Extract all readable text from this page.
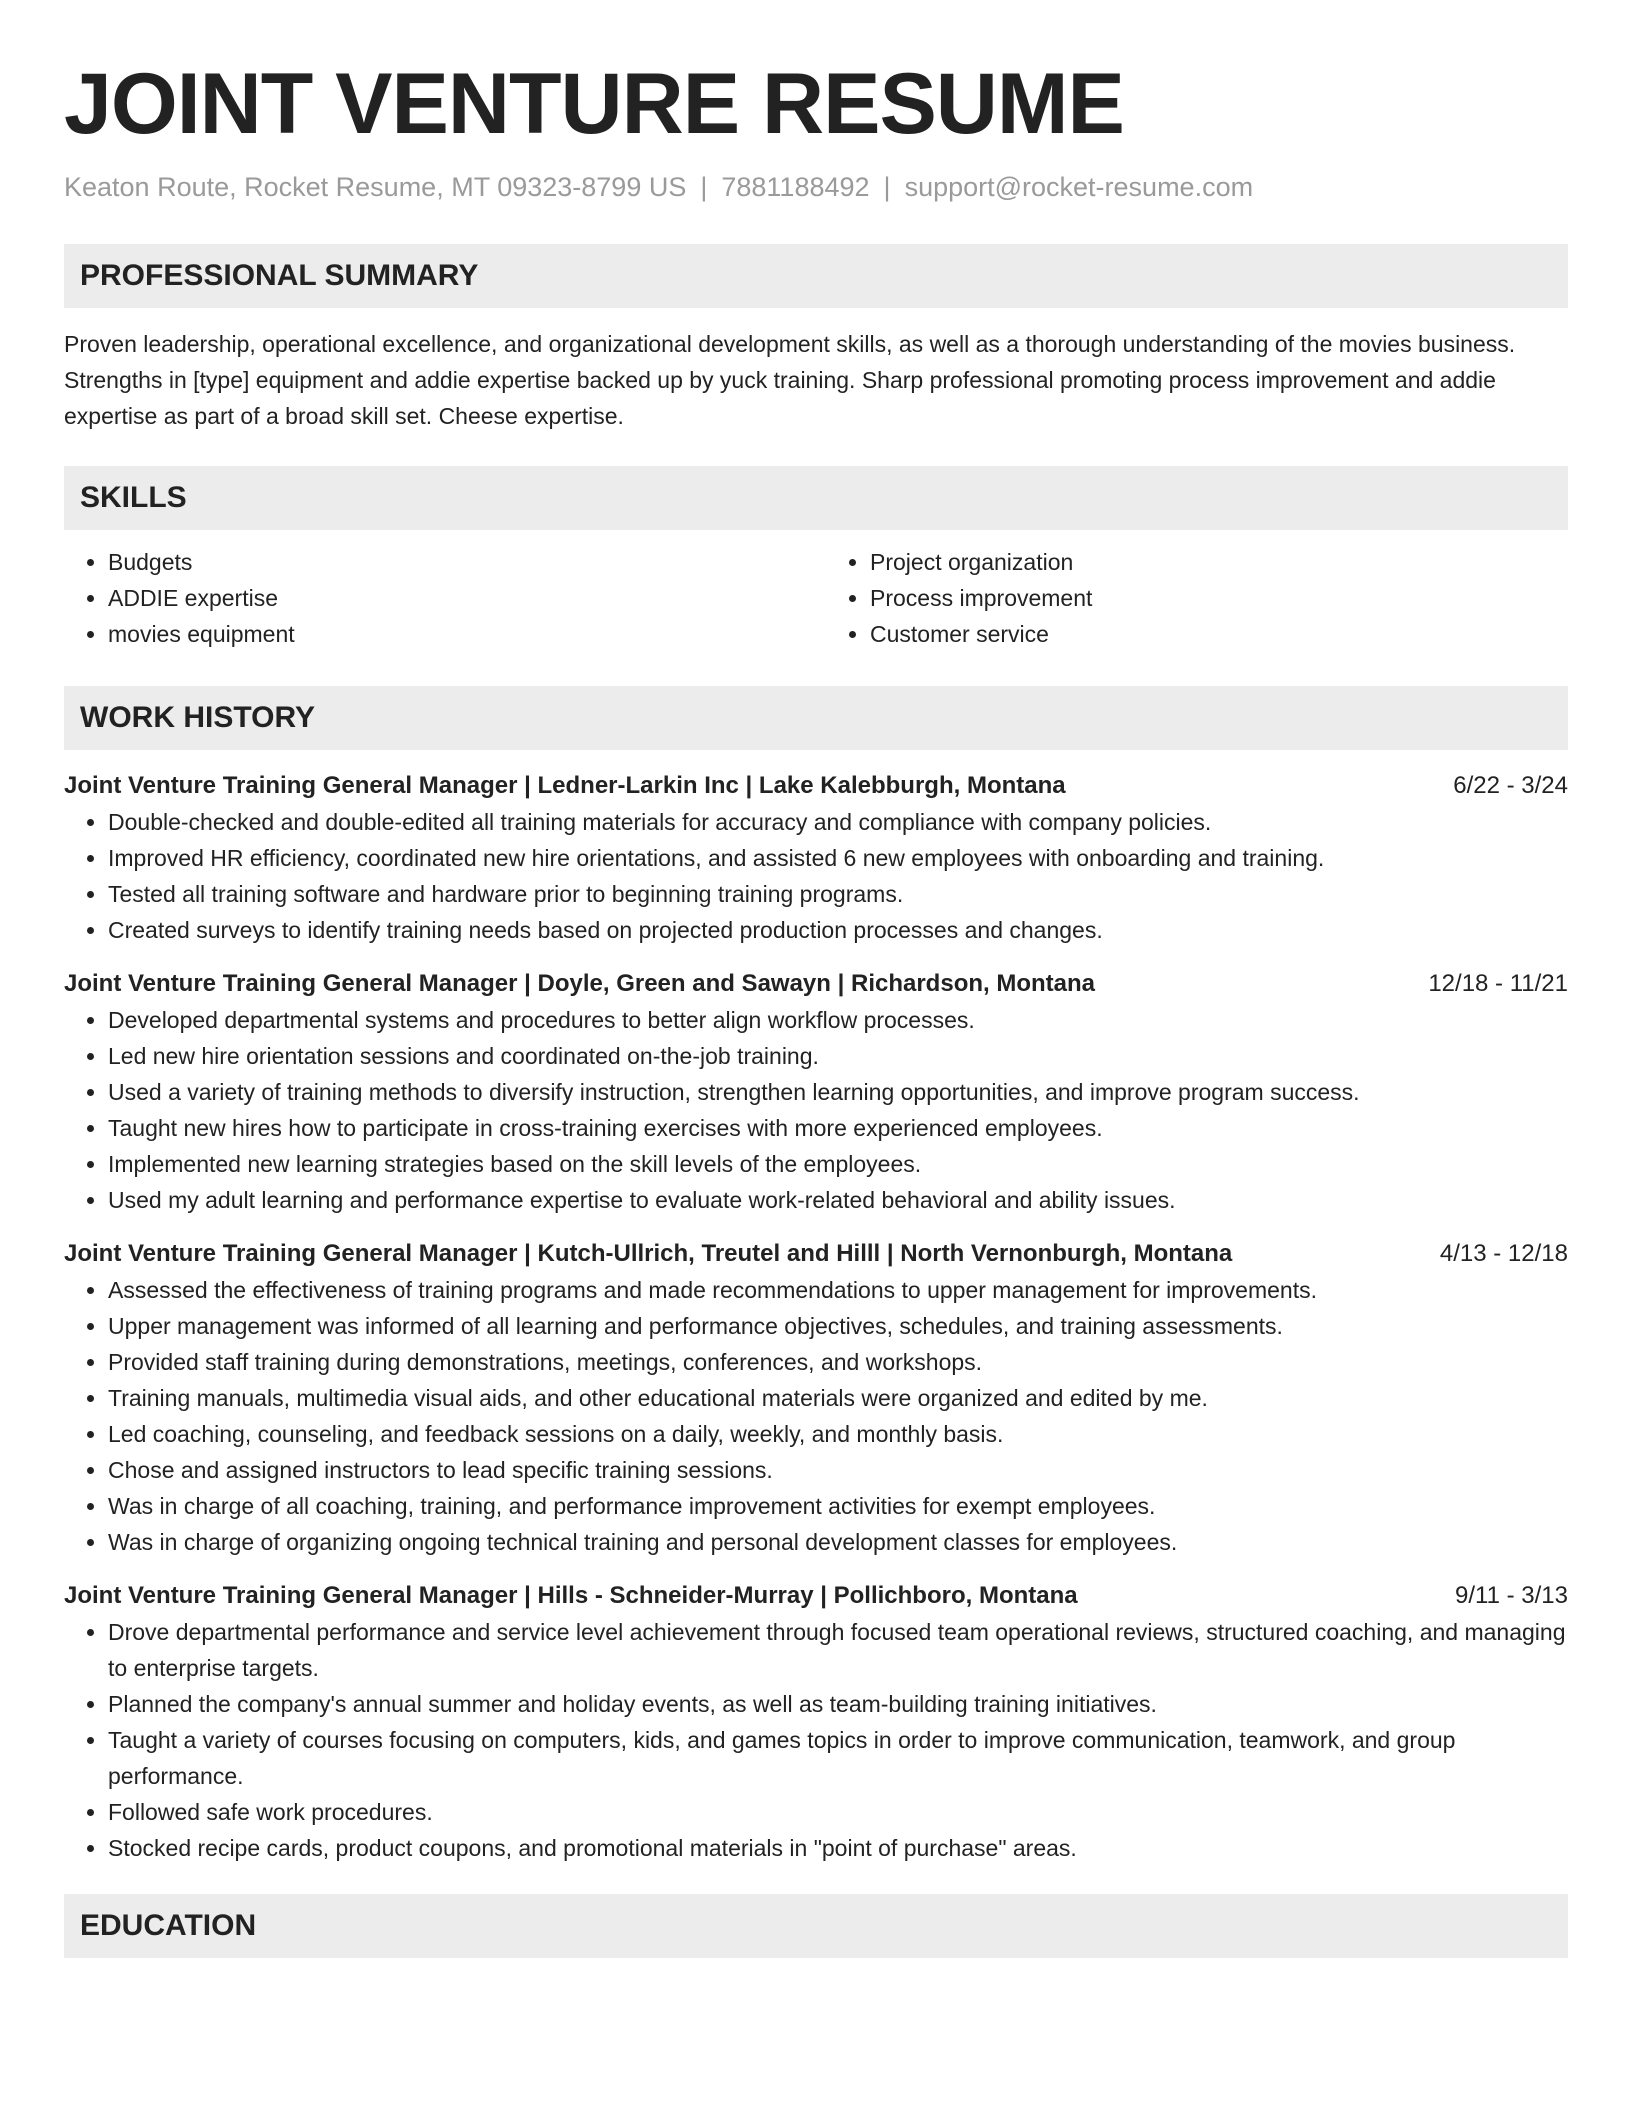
JOINT VENTURE RESUME
Keaton Route, Rocket Resume, MT 09323-8799 US | 7881188492 | support@rocket-resume.com
PROFESSIONAL SUMMARY

Proven leadership, operational excellence, and organizational development skills, as well as a thorough understanding of the movies business. Strengths in [type] equipment and addie expertise backed up by yuck training. Sharp professional promoting process improvement and addie expertise as part of a broad skill set. Cheese expertise.

SKILLS
• Budgets
• ADDIE expertise
• movies equipment
• Project organization
• Process improvement
• Customer service
WORK HISTORY
Joint Venture Training General Manager | Ledner-Larkin Inc | Lake Kalebburgh, Montana	6/22 - 3/24
• Double-checked and double-edited all training materials for accuracy and compliance with company policies.
• Improved HR efficiency, coordinated new hire orientations, and assisted 6 new employees with onboarding and training.
• Tested all training software and hardware prior to beginning training programs.
• Created surveys to identify training needs based on projected production processes and changes.
Joint Venture Training General Manager | Doyle, Green and Sawayn | Richardson, Montana	12/18 - 11/21
• Developed departmental systems and procedures to better align workflow processes.
• Led new hire orientation sessions and coordinated on-the-job training.
• Used a variety of training methods to diversify instruction, strengthen learning opportunities, and improve program success.
• Taught new hires how to participate in cross-training exercises with more experienced employees.
• Implemented new learning strategies based on the skill levels of the employees.
• Used my adult learning and performance expertise to evaluate work-related behavioral and ability issues.
Joint Venture Training General Manager | Kutch-Ullrich, Treutel and Hilll | North Vernonburgh, Montana	4/13 - 12/18
• Assessed the effectiveness of training programs and made recommendations to upper management for improvements.
• Upper management was informed of all learning and performance objectives, schedules, and training assessments.
• Provided staff training during demonstrations, meetings, conferences, and workshops.
• Training manuals, multimedia visual aids, and other educational materials were organized and edited by me.
• Led coaching, counseling, and feedback sessions on a daily, weekly, and monthly basis.
• Chose and assigned instructors to lead specific training sessions.
• Was in charge of all coaching, training, and performance improvement activities for exempt employees.
• Was in charge of organizing ongoing technical training and personal development classes for employees.
Joint Venture Training General Manager | Hills - Schneider-Murray | Pollichboro, Montana	9/11 - 3/13
• Drove departmental performance and service level achievement through focused team operational reviews, structured coaching, and managing to enterprise targets.
• Planned the company's annual summer and holiday events, as well as team-building training initiatives.
• Taught a variety of courses focusing on computers, kids, and games topics in order to improve communication, teamwork, and group performance.
• Followed safe work procedures.
• Stocked recipe cards, product coupons, and promotional materials in "point of purchase" areas.
EDUCATION
